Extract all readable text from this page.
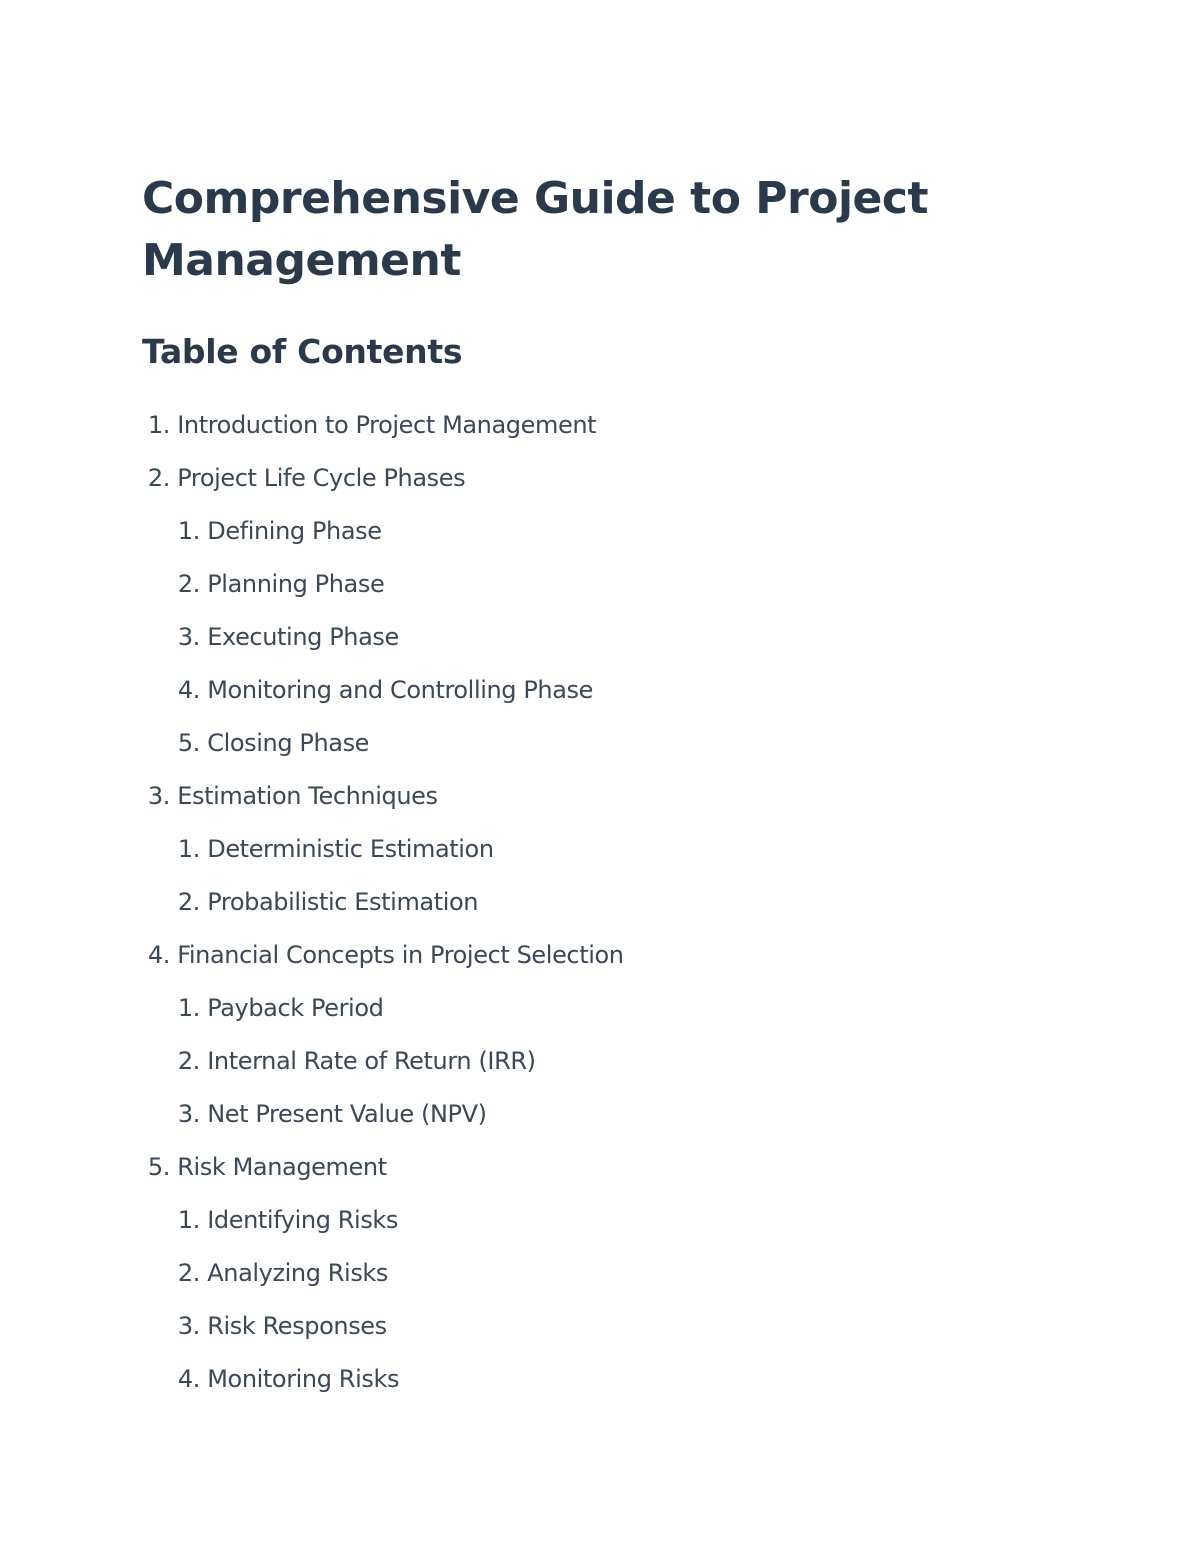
Comprehensive Guide to Project Management
Table of Contents
1. Introduction to Project Management
2. Project Life Cycle Phases
1. Defining Phase
2. Planning Phase
3. Executing Phase
4. Monitoring and Controlling Phase
5. Closing Phase
3. Estimation Techniques
1. Deterministic Estimation
2. Probabilistic Estimation
4. Financial Concepts in Project Selection
1. Payback Period
2. Internal Rate of Return (IRR)
3. Net Present Value (NPV)
5. Risk Management
1. Identifying Risks
2. Analyzing Risks
3. Risk Responses
4. Monitoring Risks
